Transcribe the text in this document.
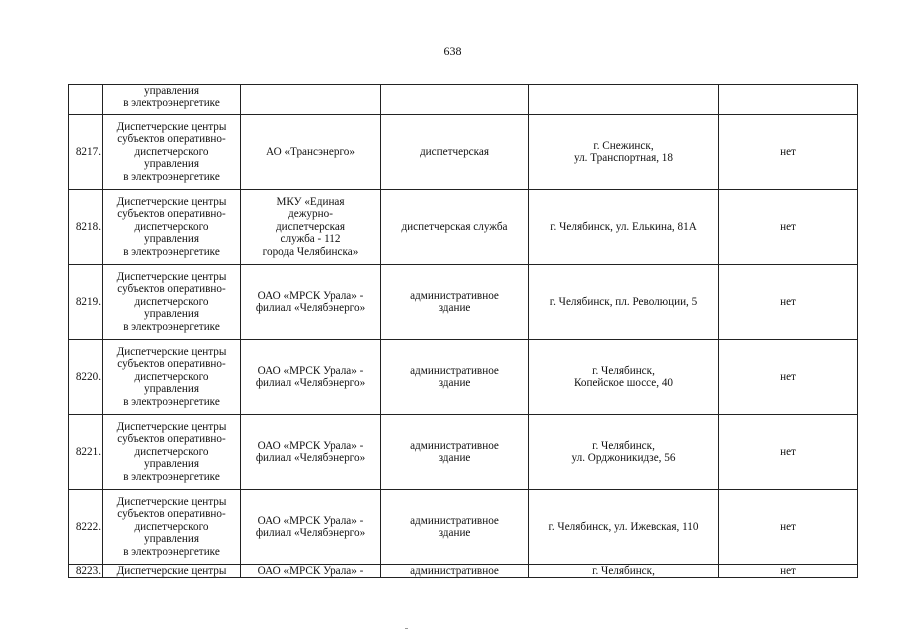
638
	управления
в электроэнергетике				
8217.	Диспетчерские центры
субъектов оперативно-
диспетчерского
управления
в электроэнергетике	АО «Трансэнерго»	диспетчерская	г. Снежинск,
ул. Транспортная, 18	нет
8218.	Диспетчерские центры
субъектов оперативно-
диспетчерского
управления
в электроэнергетике	МКУ «Единая
дежурно-
диспетчерская
служба - 112
города Челябинска»	диспетчерская служба	г. Челябинск, ул. Елькина, 81А	нет
8219.	Диспетчерские центры
субъектов оперативно-
диспетчерского
управления
в электроэнергетике	ОАО «МРСК Урала» -
филиал «Челябэнерго»	административное
здание	г. Челябинск, пл. Революции, 5	нет
8220.	Диспетчерские центры
субъектов оперативно-
диспетчерского
управления
в электроэнергетике	ОАО «МРСК Урала» -
филиал «Челябэнерго»	административное
здание	г. Челябинск,
Копейское шоссе, 40	нет
8221.	Диспетчерские центры
субъектов оперативно-
диспетчерского
управления
в электроэнергетике	ОАО «МРСК Урала» -
филиал «Челябэнерго»	административное
здание	г. Челябинск,
ул. Орджоникидзе, 56	нет
8222.	Диспетчерские центры
субъектов оперативно-
диспетчерского
управления
в электроэнергетике	ОАО «МРСК Урала» -
филиал «Челябэнерго»	административное
здание	г. Челябинск, ул. Ижевская, 110	нет

8223.	Диспетчерские центры	ОАО «МРСК Урала» -	административное	г. Челябинск,	нет
